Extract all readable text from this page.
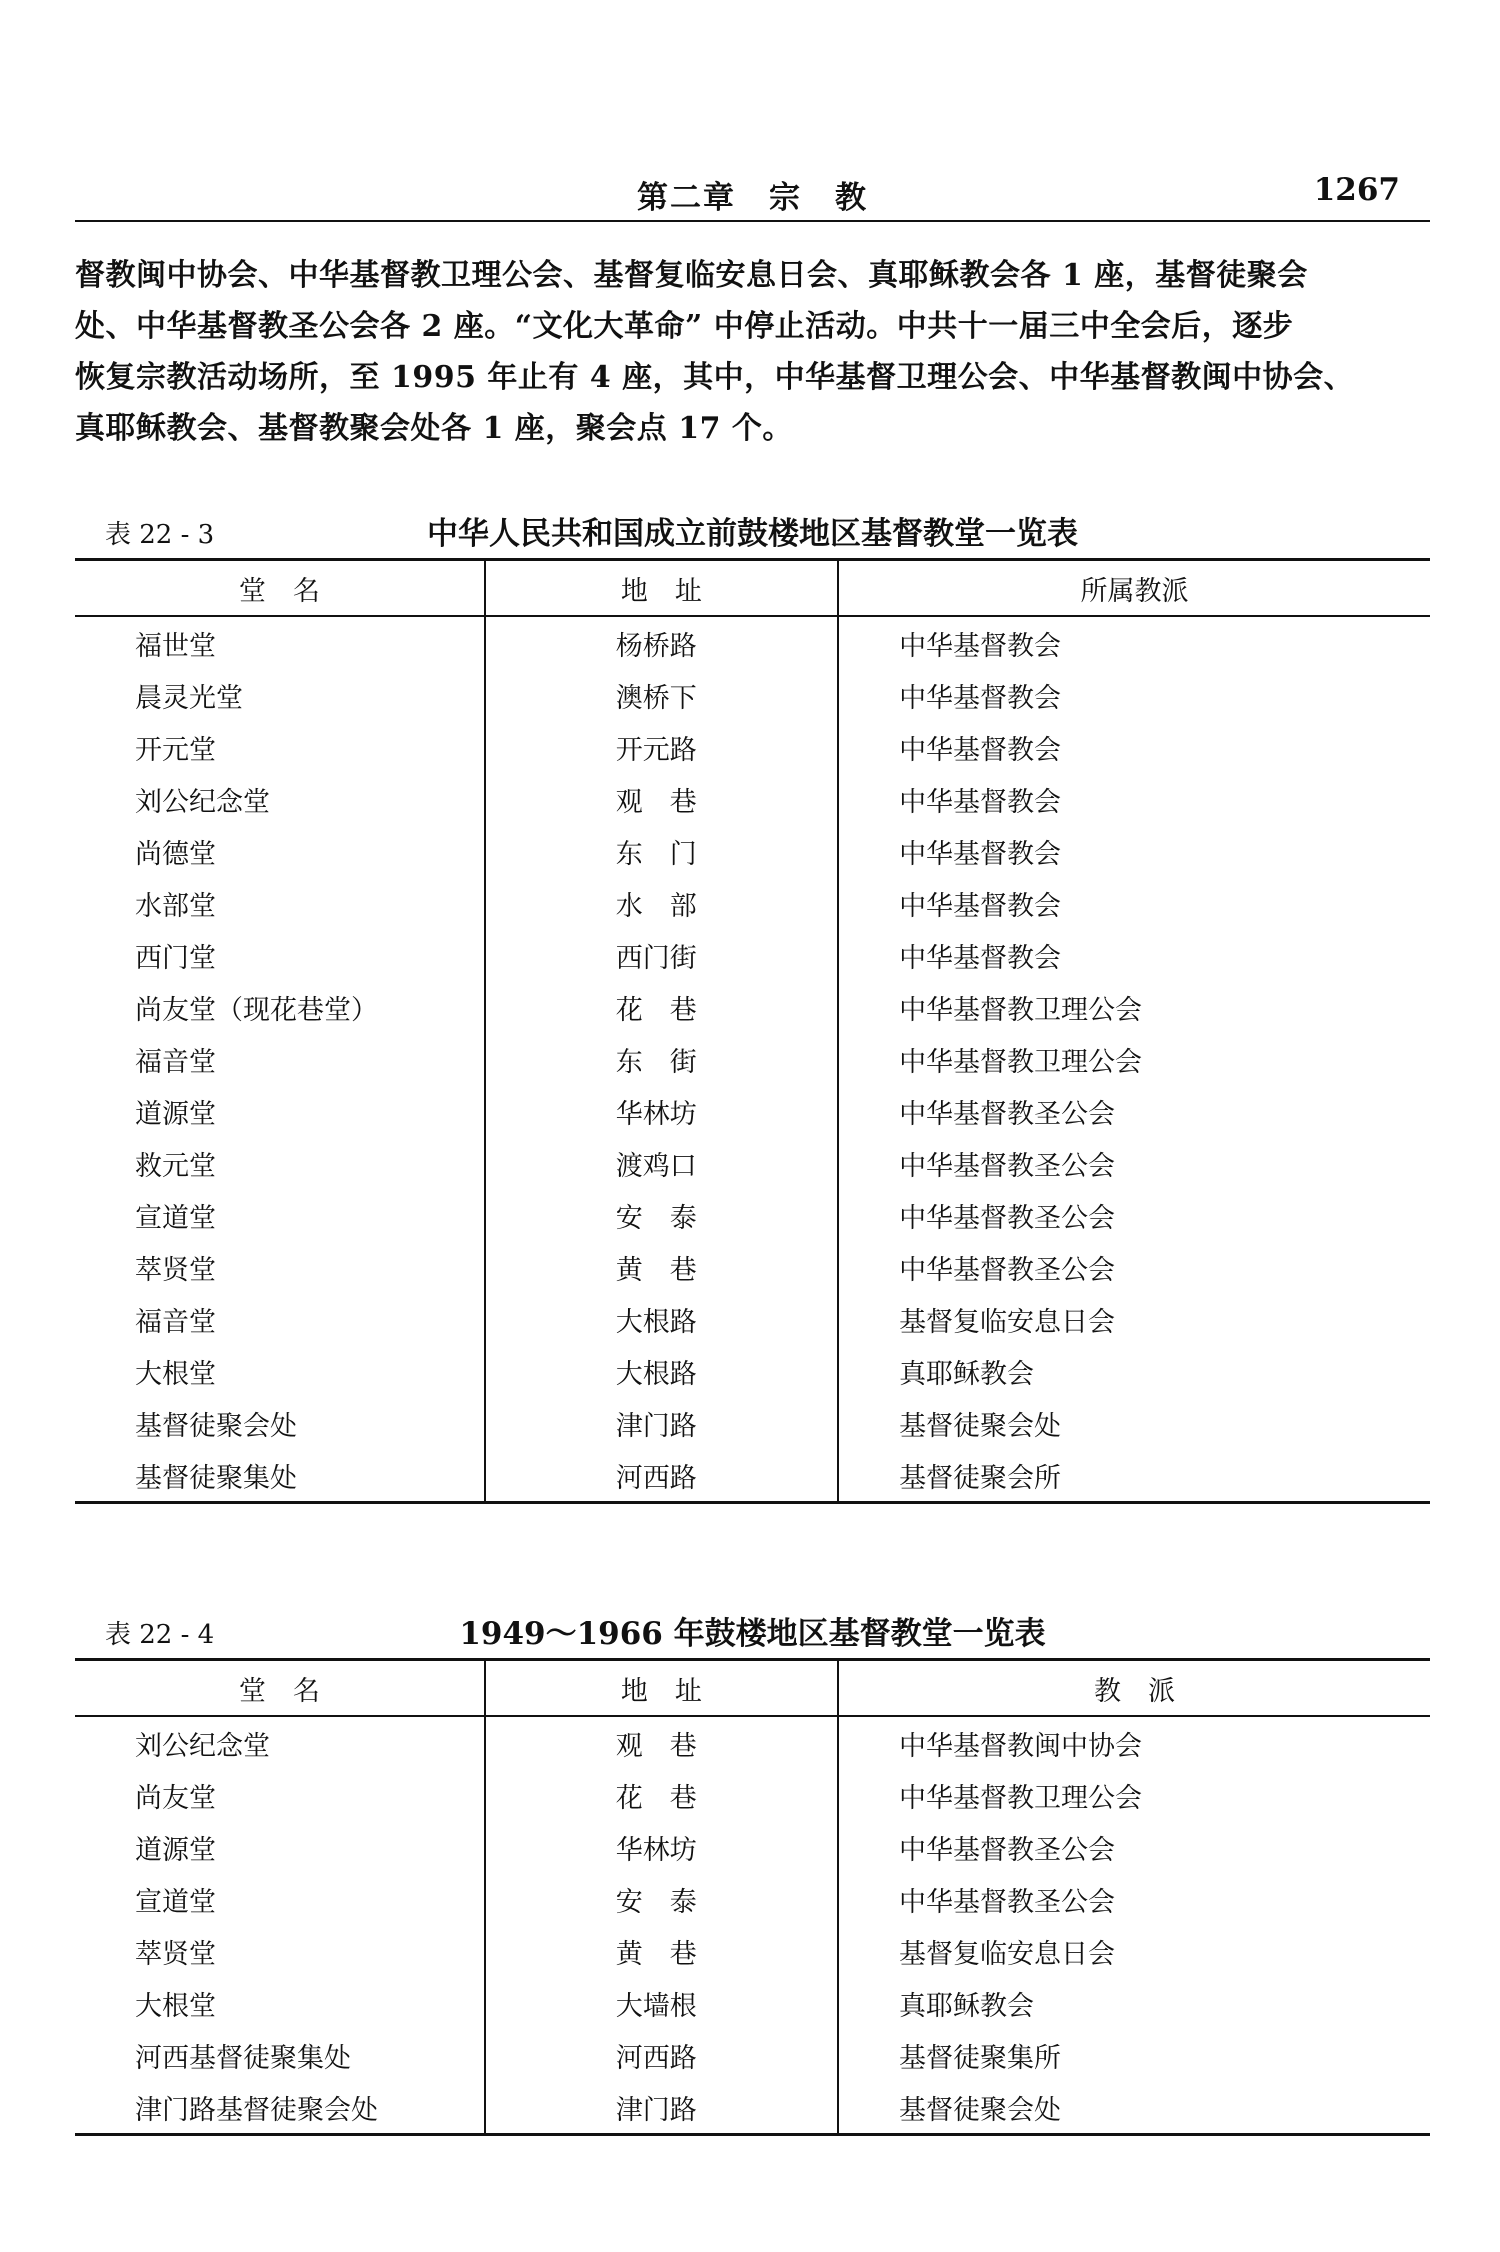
第二章　宗　教	1267

督教闽中协会、中华基督教卫理公会、基督复临安息日会、真耶稣教会各 1 座，基督徒聚会

处、中华基督教圣公会各 2 座。“文化大革命” 中停止活动。中共十一届三中全会后，逐步

恢复宗教活动场所，至 1995 年止有 4 座，其中，中华基督卫理公会、中华基督教闽中协会、

真耶稣教会、基督教聚会处各 1 座，聚会点 17 个。

表 22 - 3	中华人民共和国成立前鼓楼地区基督教堂一览表
堂　名	地　址	所属教派
福世堂	杨桥路	中华基督教会
晨灵光堂	澳桥下	中华基督教会
开元堂	开元路	中华基督教会
刘公纪念堂	观　巷	中华基督教会
尚德堂	东　门	中华基督教会
水部堂	水　部	中华基督教会
西门堂	西门街	中华基督教会
尚友堂（现花巷堂）	花　巷	中华基督教卫理公会
福音堂	东　街	中华基督教卫理公会
道源堂	华林坊	中华基督教圣公会
救元堂	渡鸡口	中华基督教圣公会
宣道堂	安　泰	中华基督教圣公会
萃贤堂	黄　巷	中华基督教圣公会
福音堂	大根路	基督复临安息日会
大根堂	大根路	真耶稣教会
基督徒聚会处	津门路	基督徒聚会处
基督徒聚集处	河西路	基督徒聚会所
表 22 - 4	1949～1966 年鼓楼地区基督教堂一览表
堂　名	地　址	教　派
刘公纪念堂	观　巷	中华基督教闽中协会
尚友堂	花　巷	中华基督教卫理公会
道源堂	华林坊	中华基督教圣公会
宣道堂	安　泰	中华基督教圣公会
萃贤堂	黄　巷	基督复临安息日会
大根堂	大墙根	真耶稣教会
河西基督徒聚集处	河西路	基督徒聚集所
津门路基督徒聚会处	津门路	基督徒聚会处
